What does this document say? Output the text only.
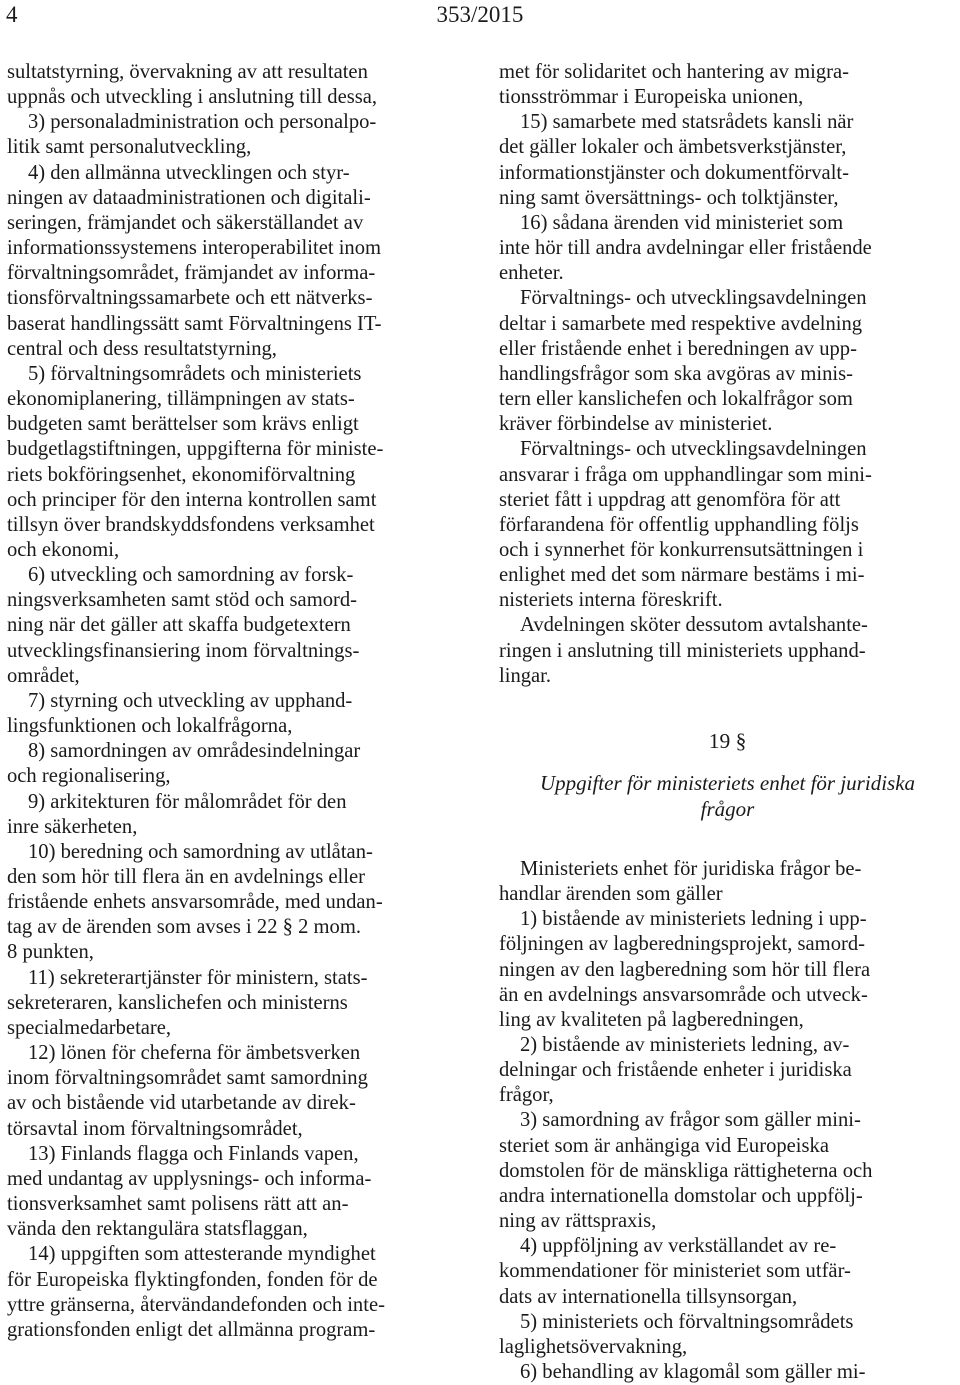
4	353/2015

sultatstyrning, övervakning av att resultaten
uppnås och utveckling i anslutning till dessa,

3) personaladministration och personalpo-
litik samt personalutveckling,

4) den allmänna utvecklingen och styr-
ningen av dataadministrationen och digitali-
seringen, främjandet och säkerställandet av
informationssystemens interoperabilitet inom
förvaltningsområdet, främjandet av informa-
tionsförvaltningssamarbete och ett nätverks-
baserat handlingssätt samt Förvaltningens IT-
central och dess resultatstyrning,

5) förvaltningsområdets och ministeriets
ekonomiplanering, tillämpningen av stats-
budgeten samt berättelser som krävs enligt
budgetlagstiftningen, uppgifterna för ministe-
riets bokföringsenhet, ekonomiförvaltning
och principer för den interna kontrollen samt
tillsyn över brandskyddsfondens verksamhet
och ekonomi,

6) utveckling och samordning av forsk-
ningsverksamheten samt stöd och samord-
ning när det gäller att skaffa budgetextern
utvecklingsfinansiering inom förvaltnings-
området,

7) styrning och utveckling av upphand-
lingsfunktionen och lokalfrågorna,

8) samordningen av områdesindelningar
och regionalisering,

9) arkitekturen för målområdet för den
inre säkerheten,

10) beredning och samordning av utlåtan-
den som hör till flera än en avdelnings eller
fristående enhets ansvarsområde, med undan-
tag av de ärenden som avses i 22 § 2 mom.
8 punkten,

11) sekreterartjänster för ministern, stats-
sekreteraren, kanslichefen och ministerns
specialmedarbetare,

12) lönen för cheferna för ämbetsverken
inom förvaltningsområdet samt samordning
av och bistående vid utarbetande av direk-
törsavtal inom förvaltningsområdet,

13) Finlands flagga och Finlands vapen,
med undantag av upplysnings- och informa-
tionsverksamhet samt polisens rätt att an-
vända den rektangulära statsflaggan,

14) uppgiften som attesterande myndighet
för Europeiska flyktingfonden, fonden för de
yttre gränserna, återvändandefonden och inte-
grationsfonden enligt det allmänna program-

met för solidaritet och hantering av migra-
tionsströmmar i Europeiska unionen,

15) samarbete med statsrådets kansli när
det gäller lokaler och ämbetsverkstjänster,
informationstjänster och dokumentförvalt-
ning samt översättnings- och tolktjänster,

16) sådana ärenden vid ministeriet som
inte hör till andra avdelningar eller fristående
enheter.

Förvaltnings- och utvecklingsavdelningen
deltar i samarbete med respektive avdelning
eller fristående enhet i beredningen av upp-
handlingsfrågor som ska avgöras av minis-
tern eller kanslichefen och lokalfrågor som
kräver förbindelse av ministeriet.

Förvaltnings- och utvecklingsavdelningen
ansvarar i fråga om upphandlingar som mini-
steriet fått i uppdrag att genomföra för att
förfarandena för offentlig upphandling följs
och i synnerhet för konkurrensutsättningen i
enlighet med det som närmare bestäms i mi-
nisteriets interna föreskrift.

Avdelningen sköter dessutom avtalshante-
ringen i anslutning till ministeriets upphand-
lingar.

19 §
Uppgifter för ministeriets enhet för juridiska
frågor

Ministeriets enhet för juridiska frågor be-
handlar ärenden som gäller

1) bistående av ministeriets ledning i upp-
följningen av lagberedningsprojekt, samord-
ningen av den lagberedning som hör till flera
än en avdelnings ansvarsområde och utveck-
ling av kvaliteten på lagberedningen,

2) bistående av ministeriets ledning, av-
delningar och fristående enheter i juridiska
frågor,

3) samordning av frågor som gäller mini-
steriet som är anhängiga vid Europeiska
domstolen för de mänskliga rättigheterna och
andra internationella domstolar och uppfölj-
ning av rättspraxis,

4) uppföljning av verkställandet av re-
kommendationer för ministeriet som utfär-
dats av internationella tillsynsorgan,

5) ministeriets och förvaltningsområdets
laglighetsövervakning,

6) behandling av klagomål som gäller mi-
